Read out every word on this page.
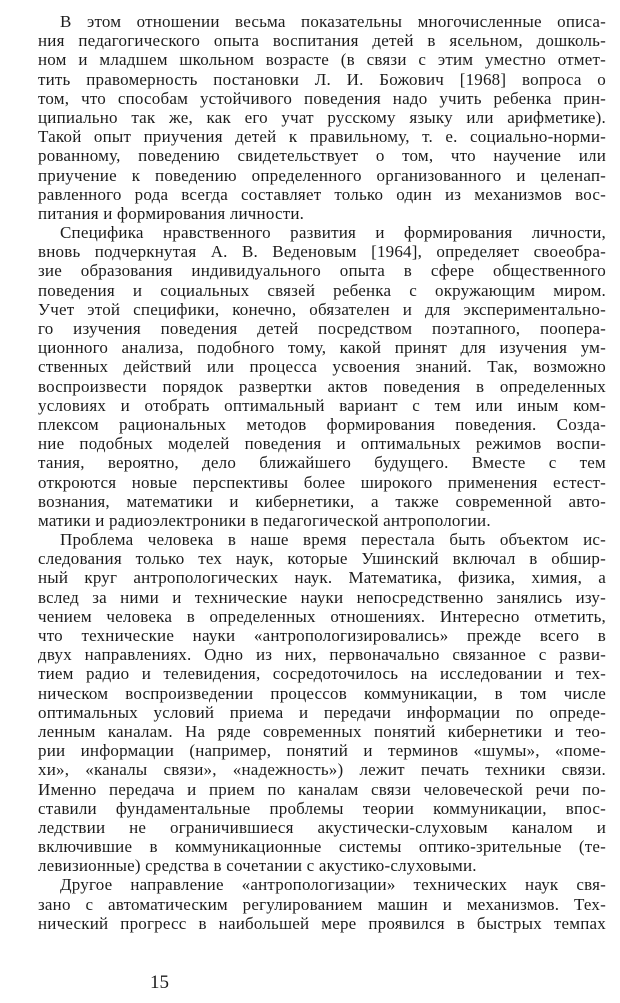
В этом отношении весьма показательны многочисленные описа-
ния педагогического опыта воспитания детей в ясельном, дошколь-
ном и младшем школьном возрасте (в связи с этим уместно отмет-
тить правомерность постановки Л. И. Божович [1968] вопроса о
том, что способам устойчивого поведения надо учить ребенка прин-
ципиально так же, как его учат русскому языку или арифметике).
Такой опыт приучения детей к правильному, т. е. социально-норми-
рованному, поведению свидетельствует о том, что научение или
приучение к поведению определенного организованного и целенап-
равленного рода всегда составляет только один из механизмов вос-
питания и формирования личности.
Специфика нравственного развития и формирования личности,
вновь подчеркнутая А. В. Веденовым [1964], определяет своеобра-
зие образования индивидуального опыта в сфере общественного
поведения и социальных связей ребенка с окружающим миром.
Учет этой специфики, конечно, обязателен и для экспериментально-
го изучения поведения детей посредством поэтапного, поопера-
ционного анализа, подобного тому, какой принят для изучения ум-
ственных действий или процесса усвоения знаний. Так, возможно
воспроизвести порядок развертки актов поведения в определенных
условиях и отобрать оптимальный вариант с тем или иным ком-
плексом рациональных методов формирования поведения. Созда-
ние подобных моделей поведения и оптимальных режимов воспи-
тания, вероятно, дело ближайшего будущего. Вместе с тем
откроются новые перспективы более широкого применения естест-
вознания, математики и кибернетики, а также современной авто-
матики и радиоэлектроники в педагогической антропологии.
Проблема человека в наше время перестала быть объектом ис-
следования только тех наук, которые Ушинский включал в обшир-
ный круг антропологических наук. Математика, физика, химия, а
вслед за ними и технические науки непосредственно занялись изу-
чением человека в определенных отношениях. Интересно отметить,
что технические науки «антропологизировались» прежде всего в
двух направлениях. Одно из них, первоначально связанное с разви-
тием радио и телевидения, сосредоточилось на исследовании и тех-
ническом воспроизведении процессов коммуникации, в том числе
оптимальных условий приема и передачи информации по опреде-
ленным каналам. На ряде современных понятий кибернетики и тео-
рии информации (например, понятий и терминов «шумы», «поме-
хи», «каналы связи», «надежность») лежит печать техники связи.
Именно передача и прием по каналам связи человеческой речи по-
ставили фундаментальные проблемы теории коммуникации, впос-
ледствии не ограничившиеся акустически-слуховым каналом и
включившие в коммуникационные системы оптико-зрительные (те-
левизионные) средства в сочетании с акустико-слуховыми.
Другое направление «антропологизации» технических наук свя-
зано с автоматическим регулированием машин и механизмов. Тех-
нический прогресс в наибольшей мере проявился в быстрых темпах
15
